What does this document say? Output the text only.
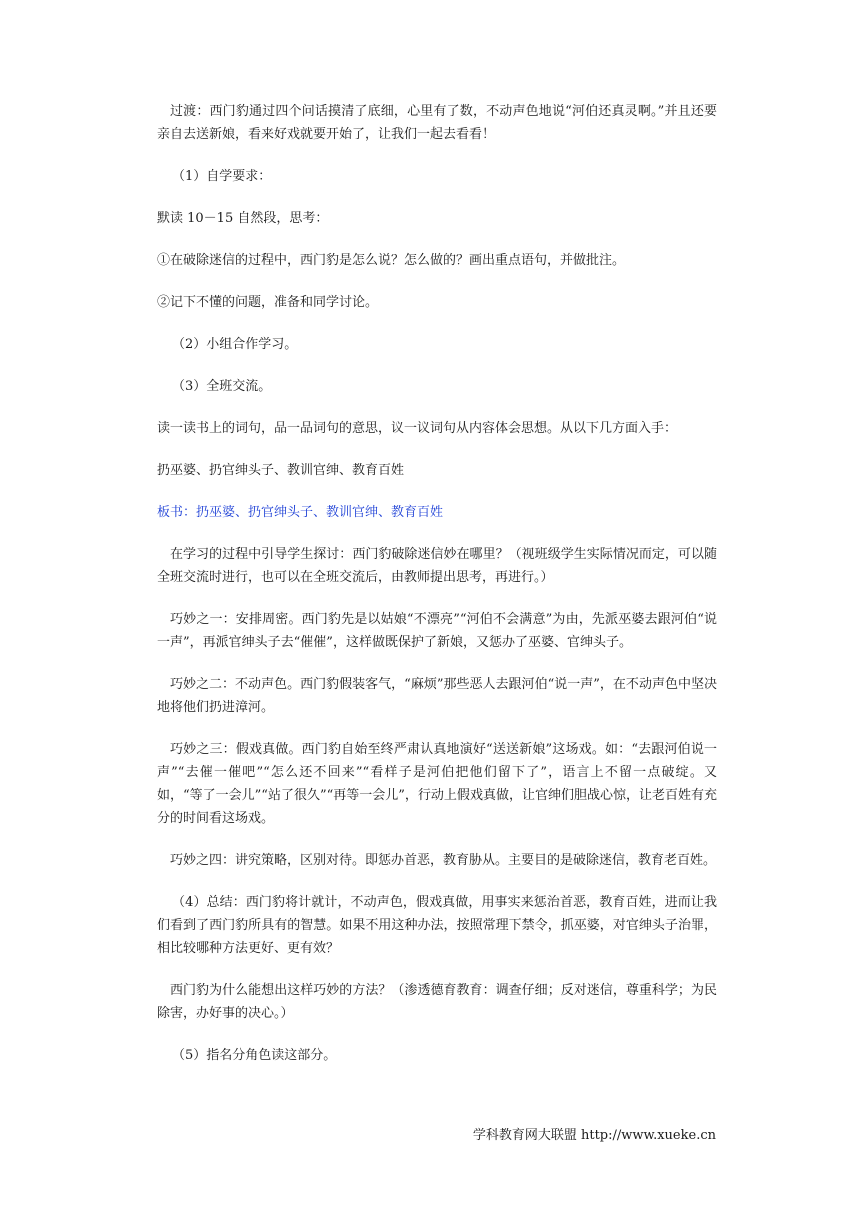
过渡：西门豹通过四个问话摸清了底细，心里有了数，不动声色地说“河伯还真灵啊。”并且还要亲自去送新娘，看来好戏就要开始了，让我们一起去看看！

（1）自学要求：

默读 10－15 自然段，思考：

①在破除迷信的过程中，西门豹是怎么说？怎么做的？画出重点语句，并做批注。

②记下不懂的问题，准备和同学讨论。

（2）小组合作学习。

（3）全班交流。

读一读书上的词句，品一品词句的意思，议一议词句从内容体会思想。从以下几方面入手：

扔巫婆、扔官绅头子、教训官绅、教育百姓

板书：扔巫婆、扔官绅头子、教训官绅、教育百姓

在学习的过程中引导学生探讨：西门豹破除迷信妙在哪里？（视班级学生实际情况而定，可以随全班交流时进行，也可以在全班交流后，由教师提出思考，再进行。）

巧妙之一：安排周密。西门豹先是以姑娘“不漂亮”“河伯不会满意”为由，先派巫婆去跟河伯“说一声”，再派官绅头子去“催催”，这样做既保护了新娘，又惩办了巫婆、官绅头子。

巧妙之二：不动声色。西门豹假装客气，“麻烦”那些恶人去跟河伯“说一声”，在不动声色中坚决地将他们扔进漳河。

巧妙之三：假戏真做。西门豹自始至终严肃认真地演好“送送新娘”这场戏。如：“去跟河伯说一声”“去催一催吧”“怎么还不回来”“看样子是河伯把他们留下了”，语言上不留一点破绽。又如，“等了一会儿”“站了很久”“再等一会儿”，行动上假戏真做，让官绅们胆战心惊，让老百姓有充分的时间看这场戏。

巧妙之四：讲究策略，区别对待。即惩办首恶，教育胁从。主要目的是破除迷信，教育老百姓。

（4）总结：西门豹将计就计，不动声色，假戏真做，用事实来惩治首恶，教育百姓，进而让我们看到了西门豹所具有的智慧。如果不用这种办法，按照常理下禁令，抓巫婆，对官绅头子治罪，相比较哪种方法更好、更有效？

西门豹为什么能想出这样巧妙的方法？（渗透德育教育：调查仔细；反对迷信，尊重科学；为民除害，办好事的决心。）

（5）指名分角色读这部分。

学科教育网大联盟 http://www.xueke.cn
